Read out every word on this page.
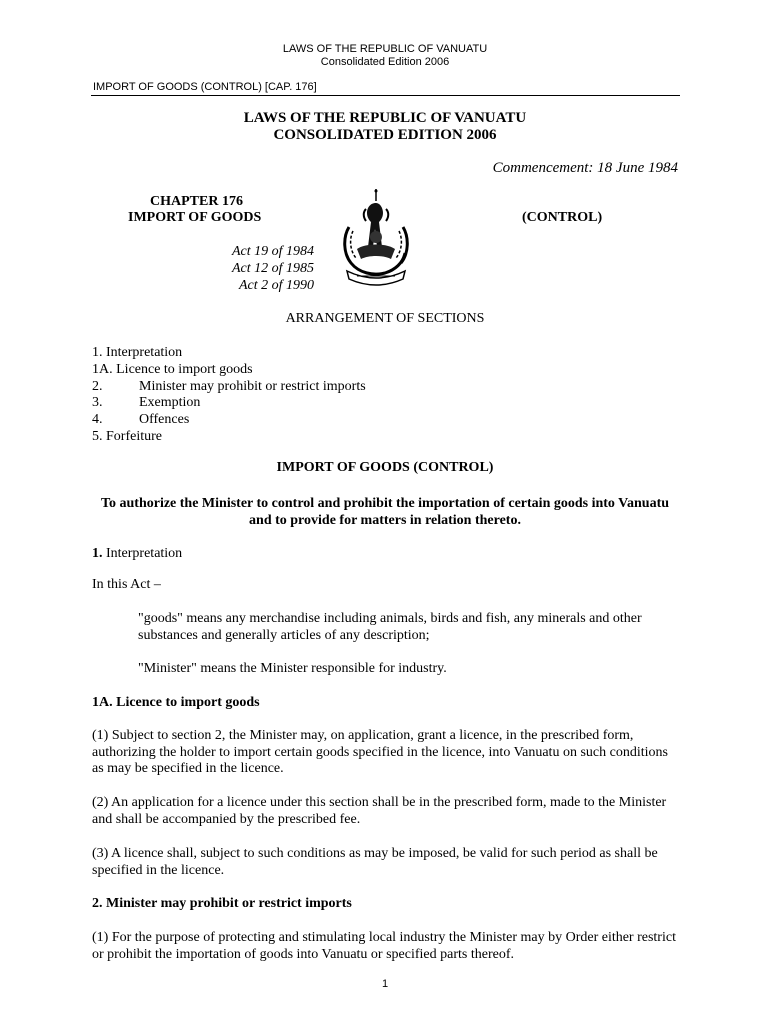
LAWS OF THE REPUBLIC OF VANUATU
Consolidated Edition 2006
IMPORT OF GOODS (CONTROL) [CAP. 176]
LAWS OF THE REPUBLIC OF VANUATU
CONSOLIDATED EDITION 2006
Commencement: 18 June 1984
CHAPTER 176
IMPORT OF GOODS	(CONTROL)
Act 19 of 1984
Act 12 of 1985
Act 2 of 1990
ARRANGEMENT OF SECTIONS
1. Interpretation
1A. Licence to import goods
2.	Minister may prohibit or restrict imports
3.	Exemption
4.	Offences
5. Forfeiture
IMPORT OF GOODS (CONTROL)
To authorize the Minister to control and prohibit the importation of certain goods into Vanuatu and to provide for matters in relation thereto.
1. Interpretation
In this Act –
"goods" means any merchandise including animals, birds and fish, any minerals and other substances and generally articles of any description;
"Minister" means the Minister responsible for industry.
1A. Licence to import goods
(1) Subject to section 2, the Minister may, on application, grant a licence, in the prescribed form, authorizing the holder to import certain goods specified in the licence, into Vanuatu on such conditions as may be specified in the licence.
(2) An application for a licence under this section shall be in the prescribed form, made to the Minister and shall be accompanied by the prescribed fee.
(3) A licence shall, subject to such conditions as may be imposed, be valid for such period as shall be specified in the licence.
2. Minister may prohibit or restrict imports
(1) For the purpose of protecting and stimulating local industry the Minister may by Order either restrict or prohibit the importation of goods into Vanuatu or specified parts thereof.
1
